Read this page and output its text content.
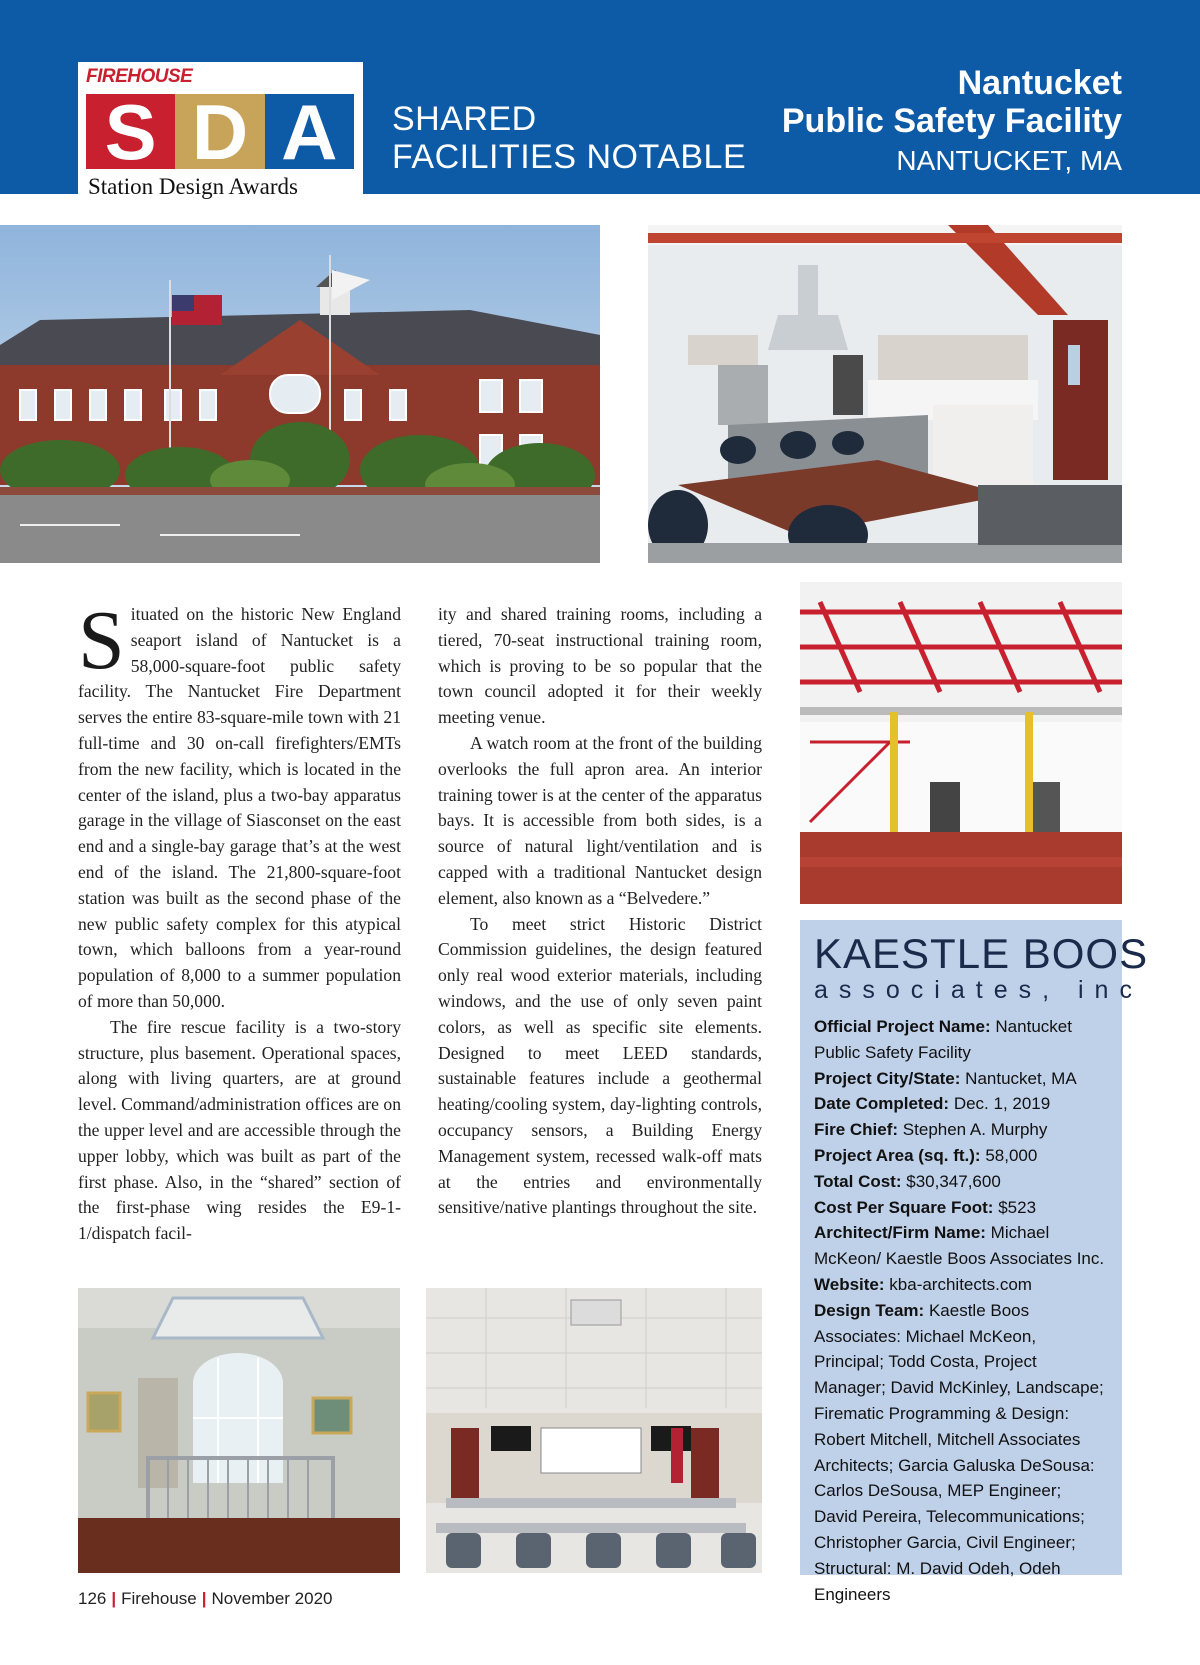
FIREHOUSE
S D A
Station Design Awards
SHARED
FACILITIES NOTABLE
Nantucket
Public Safety Facility
NANTUCKET, MA

Situated on the historic New England seaport island of Nantucket is a 58,000-square-foot public safety facility. The Nantucket Fire Department serves the entire 83-square-mile town with 21 full-time and 30 on-call firefighters/EMTs from the new facility, which is located in the center of the island, plus a two-bay apparatus garage in the village of Siasconset on the east end and a single-bay garage that’s at the west end of the island. The 21,800-square-foot station was built as the second phase of the new public safety complex for this atypical town, which balloons from a year-round population of 8,000 to a summer population of more than 50,000.

The fire rescue facility is a two-story structure, plus basement. Operational spaces, along with living quarters, are at ground level. Command/administration offices are on the upper level and are accessible through the upper lobby, which was built as part of the first phase. Also, in the “shared” section of the first-phase wing resides the E9-1-1/dispatch facil-

ity and shared training rooms, including a tiered, 70-seat instructional training room, which is proving to be so popular that the town council adopted it for their weekly meeting venue.

A watch room at the front of the building overlooks the full apron area. An interior training tower is at the center of the apparatus bays. It is accessible from both sides, is a source of natural light/ventilation and is capped with a traditional Nantucket design element, also known as a “Belvedere.”

To meet strict Historic District Commission guidelines, the design featured only real wood exterior materials, including windows, and the use of only seven paint colors, as well as specific site elements. Designed to meet LEED standards, sustainable features include a geothermal heating/cooling system, day-lighting controls, occupancy sensors, a Building Energy Management system, recessed walk-off mats at the entries and environmentally sensitive/native plantings throughout the site.

KAESTLE BOOS
associates, inc
Official Project Name: Nantucket Public Safety Facility
Project City/State: Nantucket, MA
Date Completed: Dec. 1, 2019
Fire Chief: Stephen A. Murphy
Project Area (sq. ft.): 58,000
Total Cost: $30,347,600
Cost Per Square Foot: $523
Architect/Firm Name: Michael McKeon/ Kaestle Boos Associates Inc.
Website: kba-architects.com
Design Team: Kaestle Boos Associates: Michael McKeon, Principal; Todd Costa, Project Manager; David McKinley, Landscape; Firematic Programming & Design: Robert Mitchell, Mitchell Associates Architects; Garcia Galuska DeSousa: Carlos DeSousa, MEP Engineer; David Pereira, Telecommunications; Christopher Garcia, Civil Engineer; Structural: M. David Odeh, Odeh Engineers
126 | Firehouse | November 2020
